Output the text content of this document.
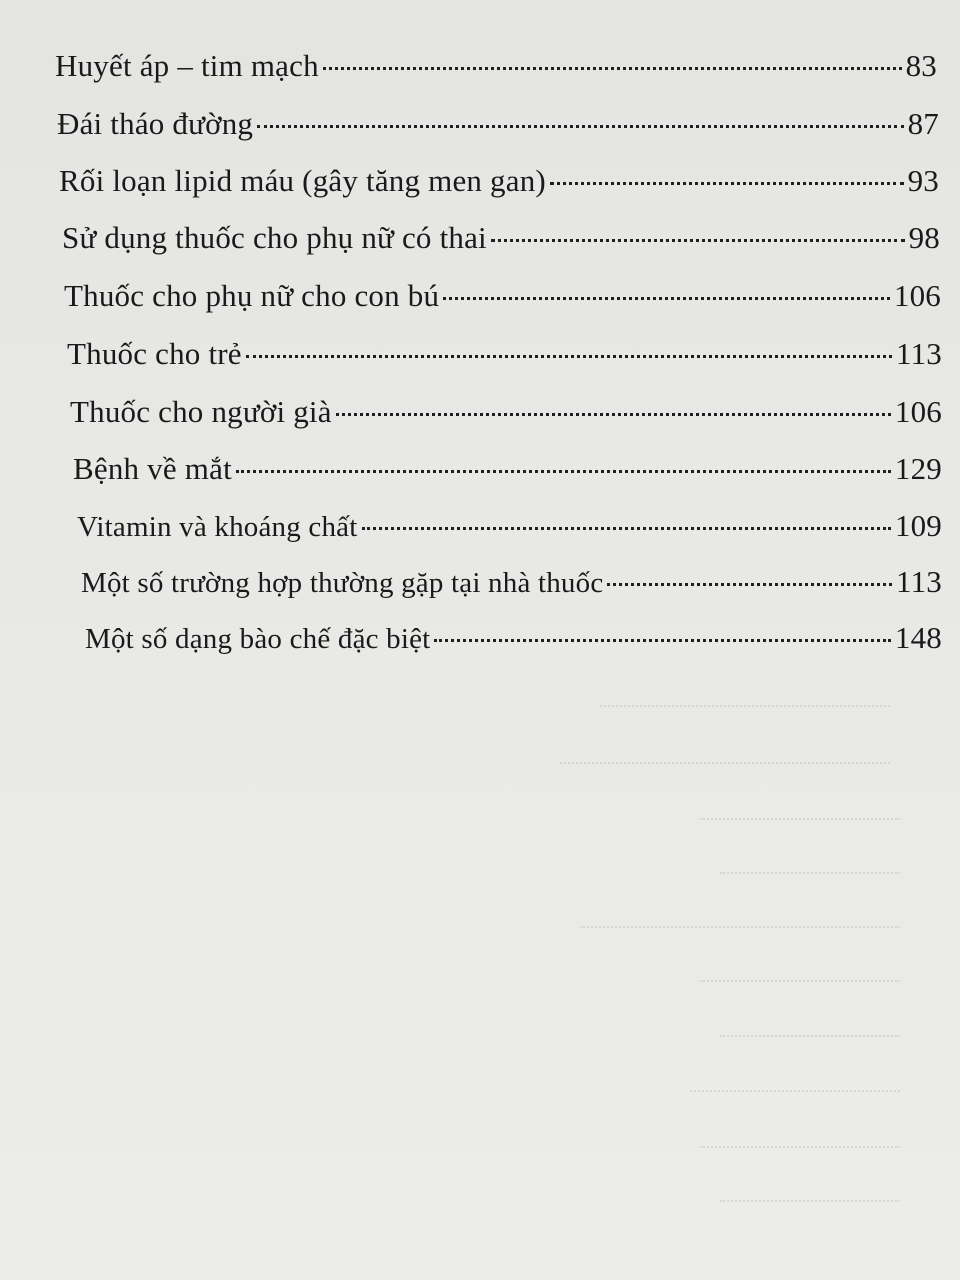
Huyết áp – tim mạch	83
Đái tháo đường	87
Rối loạn lipid máu (gây tăng men gan)	93
Sử dụng thuốc cho phụ nữ có thai	98
Thuốc cho phụ nữ cho con bú	106
Thuốc cho trẻ	113
Thuốc cho người già	106
Bệnh về mắt	129
Vitamin và khoáng chất	109
Một số trường hợp thường gặp tại nhà thuốc	113
Một số dạng bào chế đặc biệt	148
